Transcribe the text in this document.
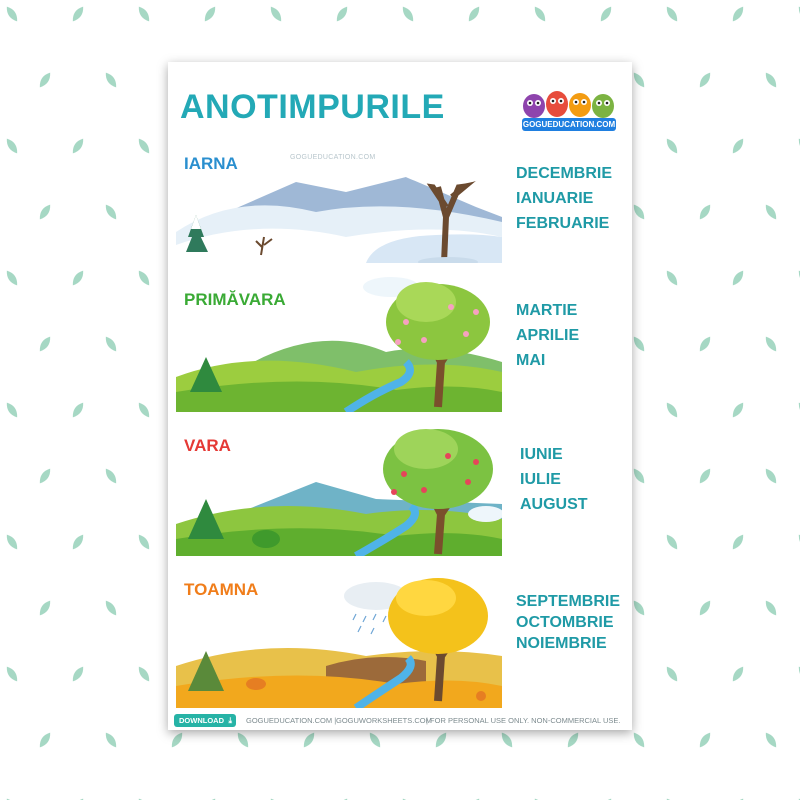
ANOTIMPURILE	GOGUEDUCATION.COM
IARNA	GOGUEDUCATION.COM
DECEMBRIE
IANUARIE
FEBRUARIE
PRIMĂVARA
MARTIE
APRILIE
MAI
VARA	IUNIE
IULIE
AUGUST
TOAMNA
SEPTEMBRIE
OCTOMBRIE
NOIEMBRIE
DOWNLOAD ⤓ GOGUEDUCATION.COM | GOGUWORKSHEETS.COM
| FOR PERSONAL USE ONLY. NON-COMMERCIAL USE.
